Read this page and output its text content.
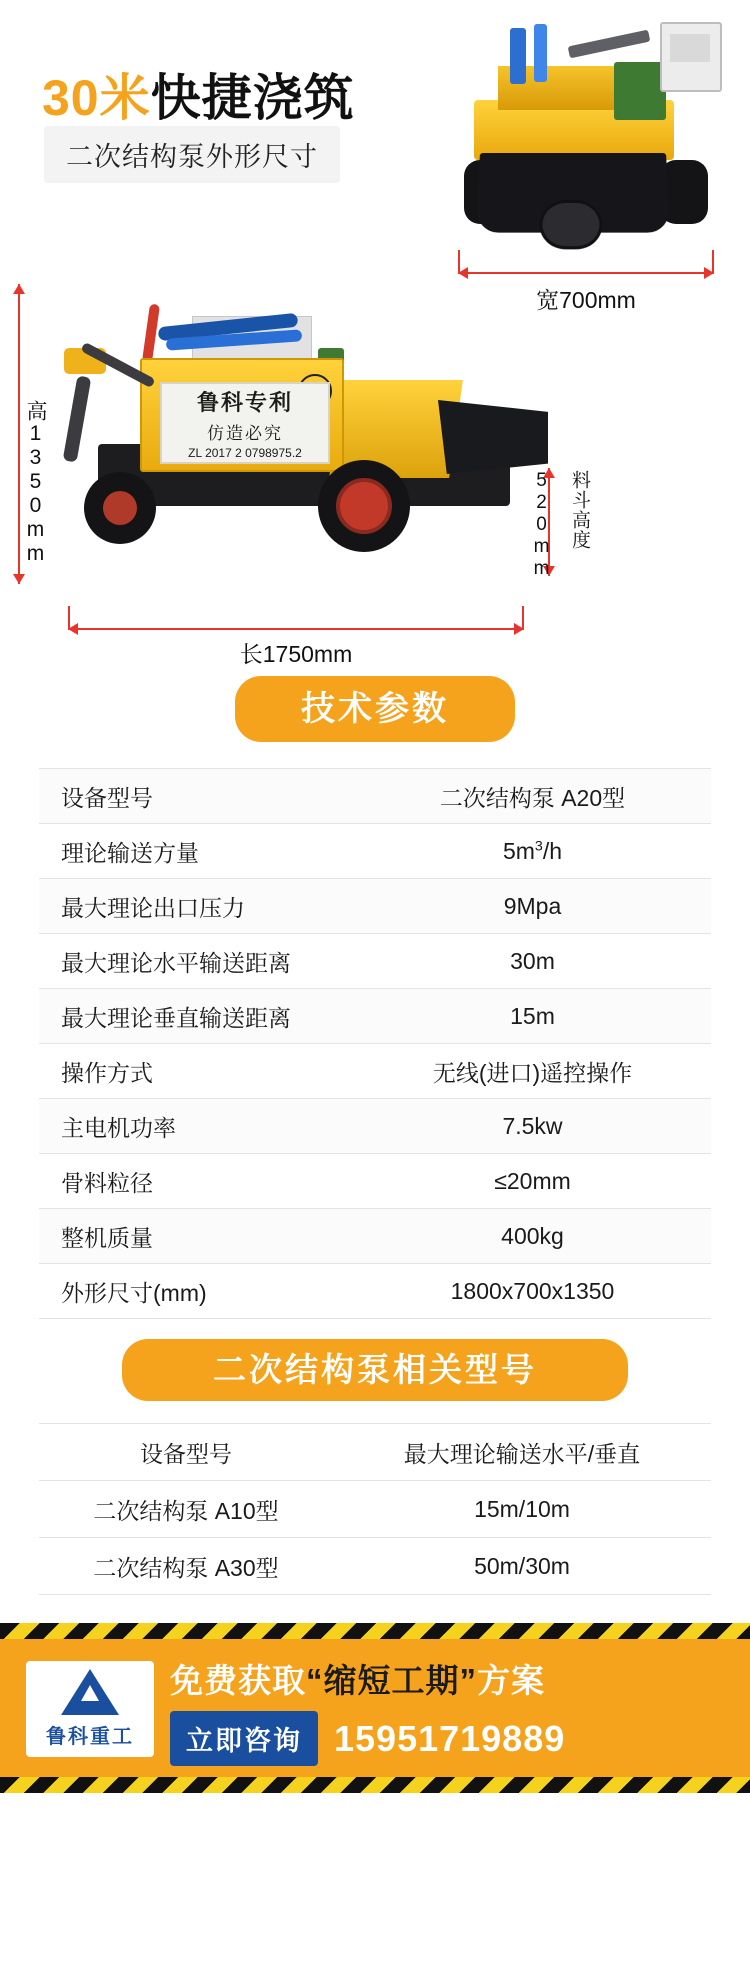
30米快捷浇筑
二次结构泵外形尺寸
宽700mm
鲁科专利
仿造必究
ZL 2017 2 0798975.2
高1350mm	520mm 料斗高度
长1750mm
技术参数
设备型号	二次结构泵 A20型
理论输送方量	$5m^3/h$
最大理论出口压力	9Mpa
最大理论水平输送距离	30m
最大理论垂直输送距离	15m
操作方式	无线(进口)遥控操作
主电机功率	7.5kw
骨料粒径	≤20mm
整机质量	400kg
外形尺寸(mm)	1800x700x1350
二次结构泵相关型号
设备型号	最大理论输送水平/垂直
二次结构泵 A10型	15m/10m
二次结构泵 A30型	50m/30m
鲁科重工
免费获取“缩短工期”方案
立即咨询 15951719889
